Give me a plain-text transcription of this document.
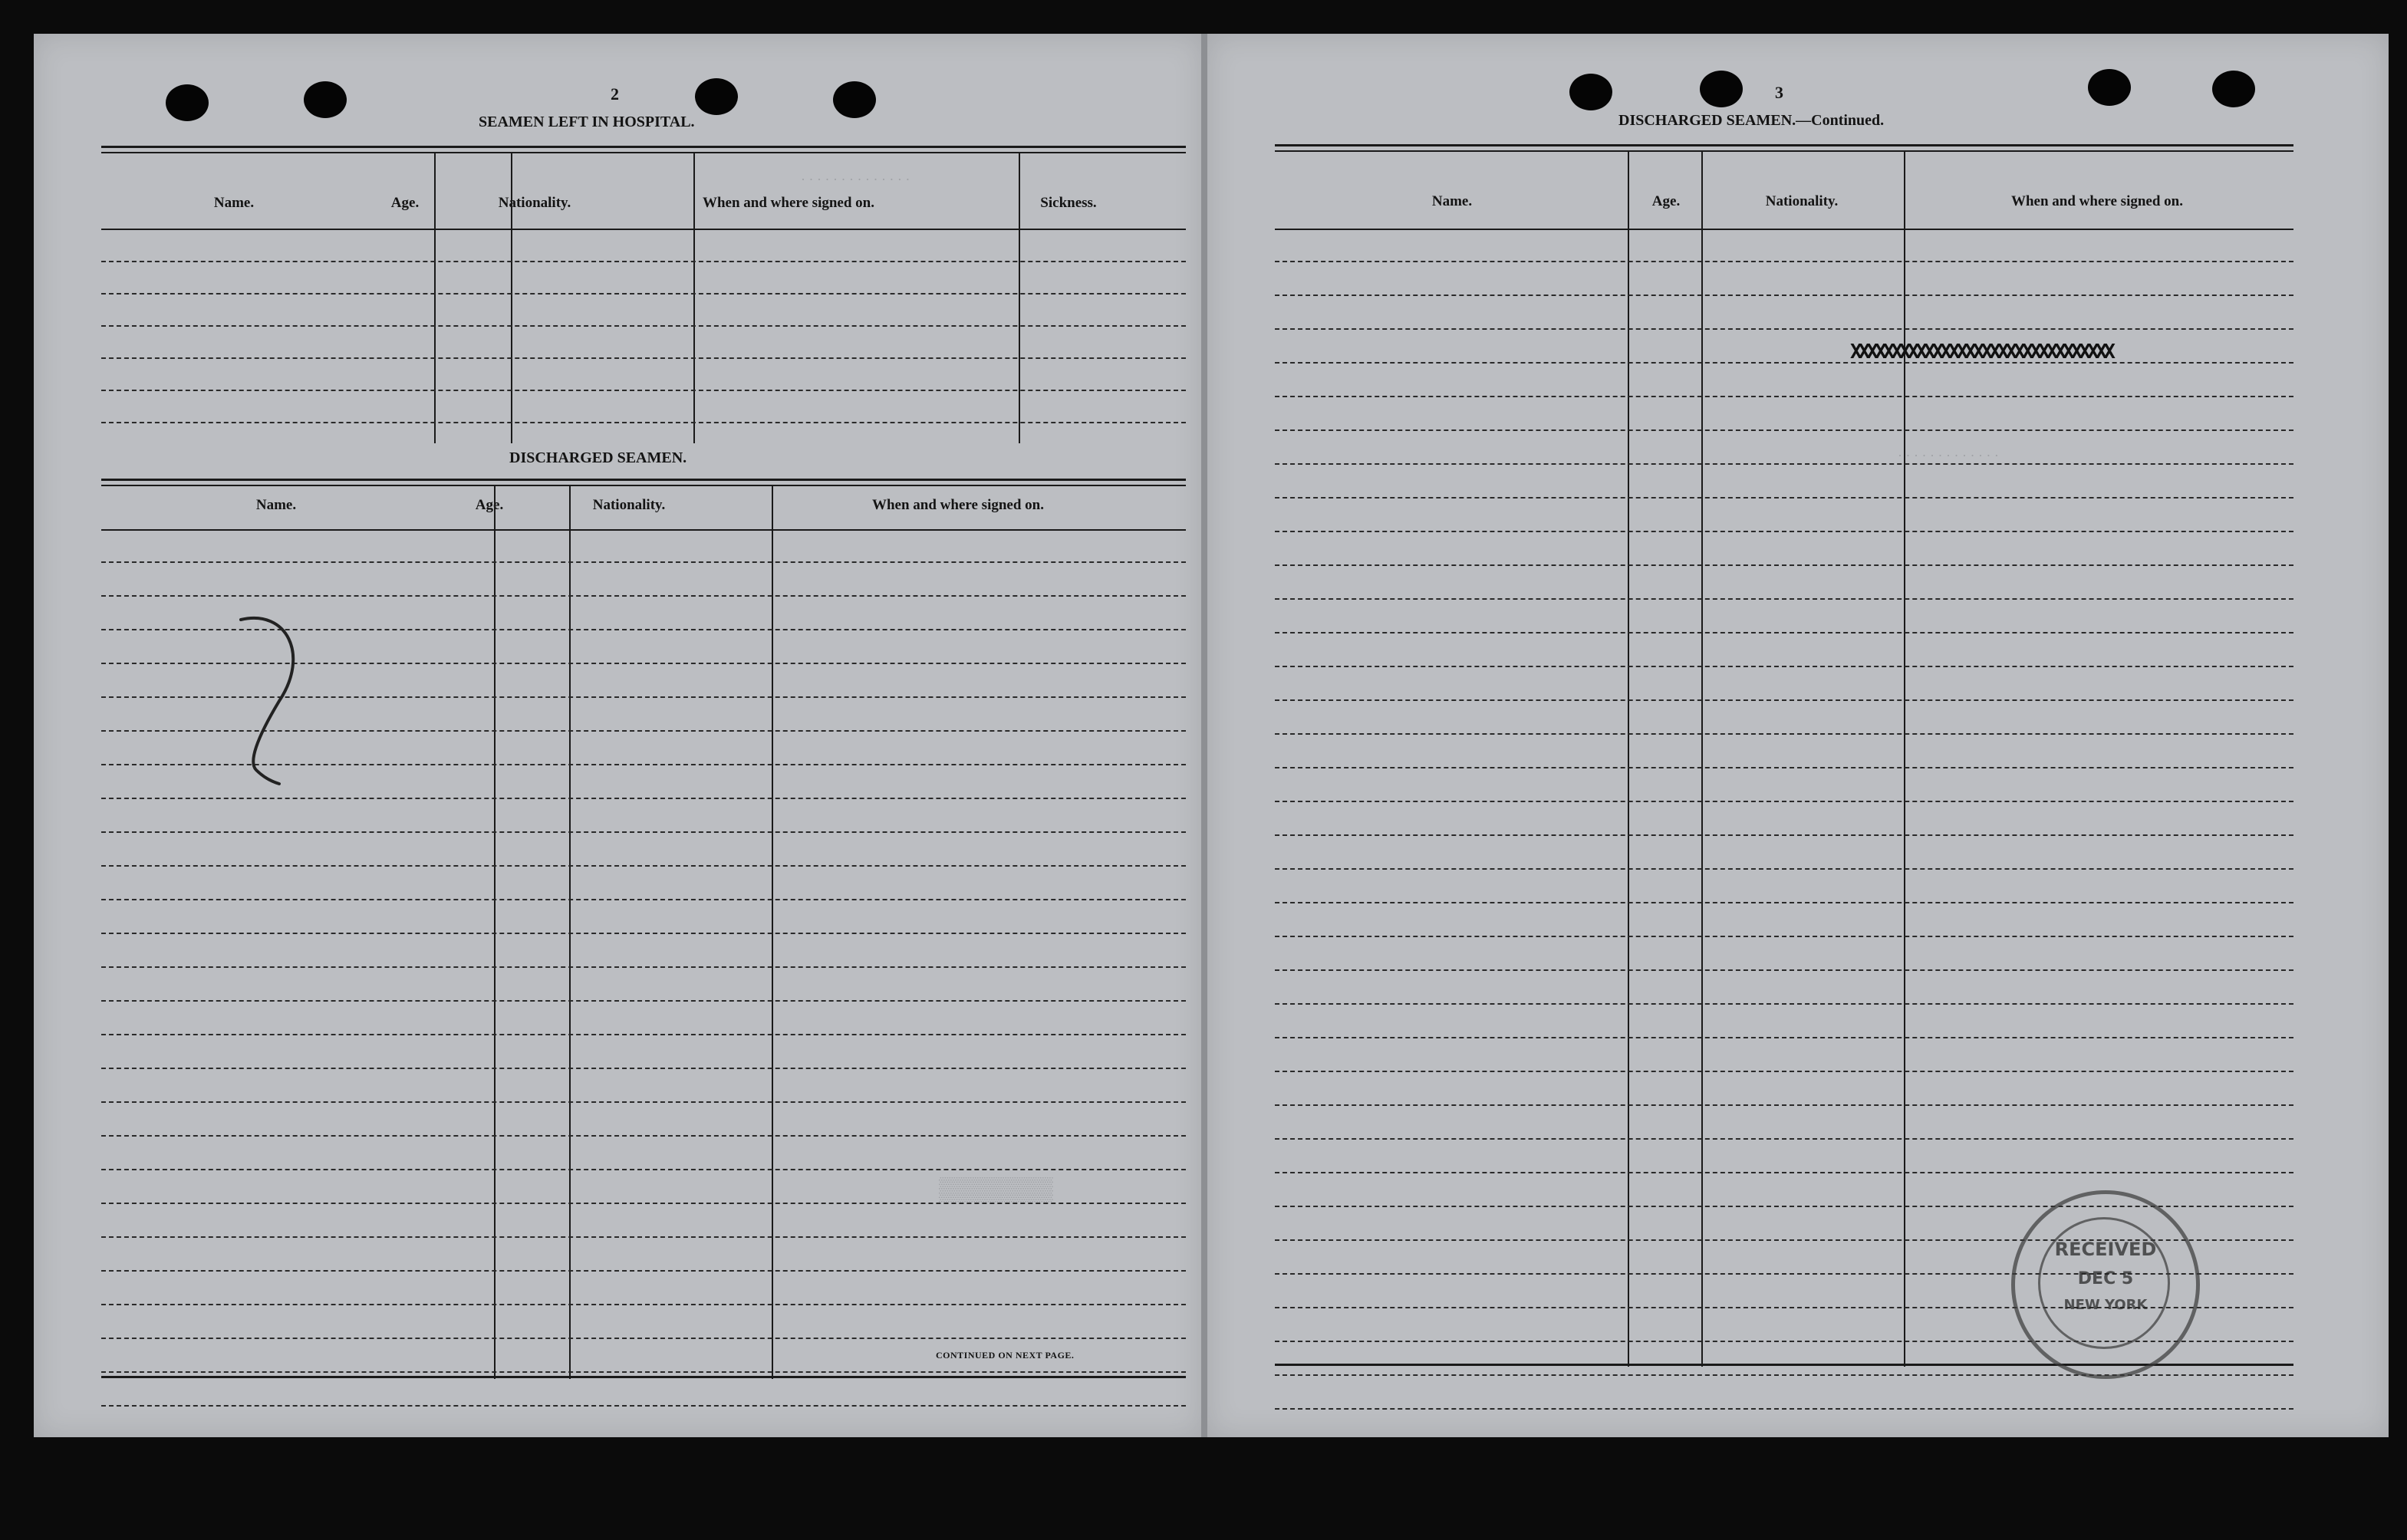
· · · · · · · · · · · · · ·
▒▒▒▒▒▒▒
2
SEAMEN LEFT IN HOSPITAL.
Name.	Age.	Nationality.	When and where signed on.	Sickness.
DISCHARGED SEAMEN.
Name.	Age.	Nationality.	When and where signed on.
CONTINUED ON NEXT PAGE.
· · · · · · · · · · · · ·
3
DISCHARGED SEAMEN.—Continued.
Name.	Age.	Nationality.	When and where signed on.
XXXXXXXXXXXXXXXXXXXXXXXXXXXXXXXX
RECEIVED
DEC 5
NEW YORK
